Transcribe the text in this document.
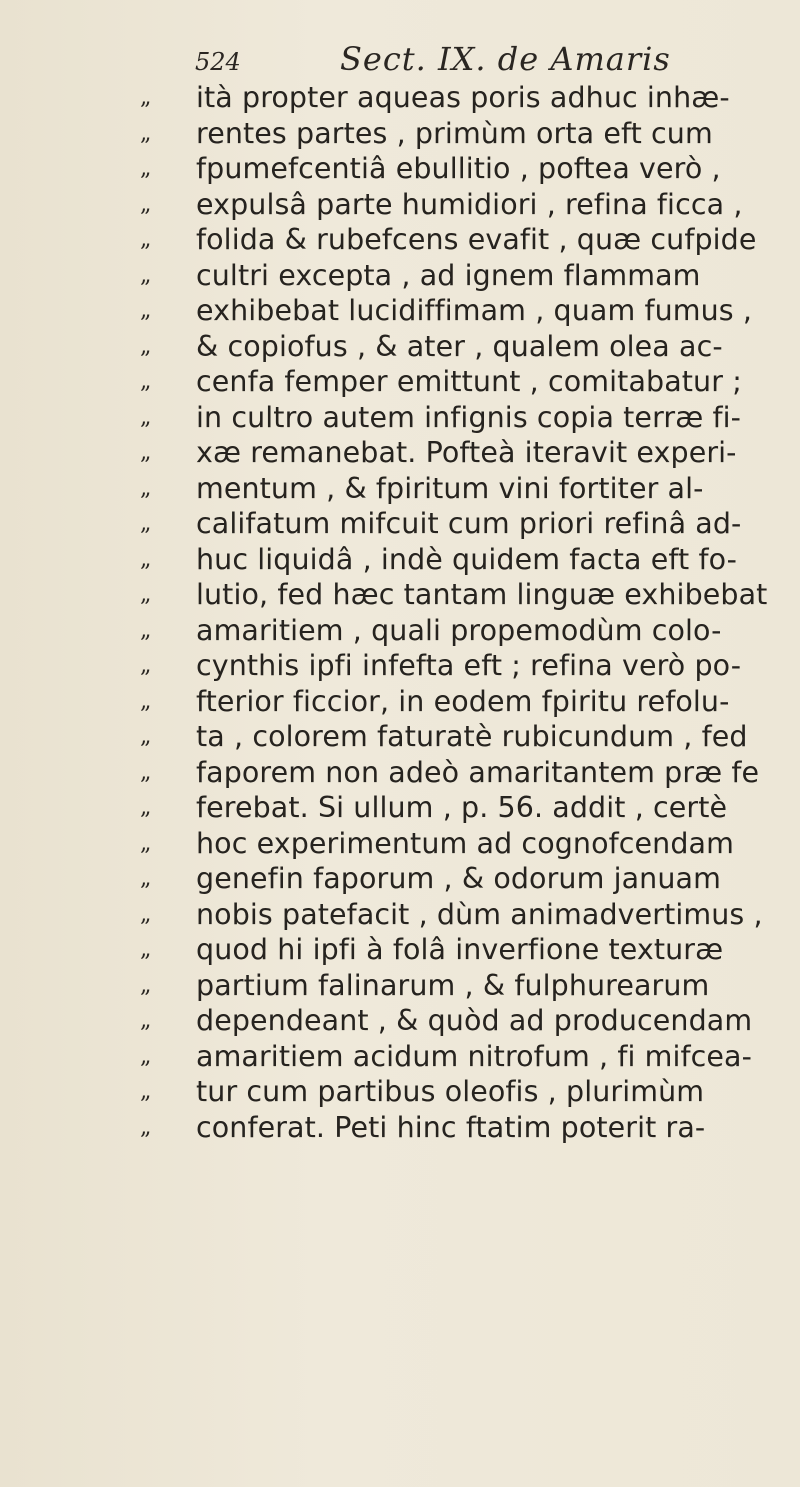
524	Sect. IX. de Amaris
„	ità propter aqueas poris adhuc inhæ-
„	rentes partes , primùm orta eft cum
„	fpumefcentiâ ebullitio , poftea verò ,
„	expulsâ parte humidiori , refina ficca ,
„	folida & rubefcens evafit , quæ cufpide
„	cultri excepta , ad ignem flammam
„	exhibebat lucidiffimam , quam fumus ,
„	& copiofus , & ater , qualem olea ac-
„	cenfa femper emittunt , comitabatur ;
„	in cultro autem infignis copia terræ fi-
„	xæ remanebat. Pofteà iteravit experi-
„	mentum , & fpiritum vini fortiter al-
„	califatum mifcuit cum priori refinâ ad-
„	huc liquidâ , indè quidem facta eft fo-
„	lutio, fed hæc tantam linguæ exhibebat
„	amaritiem , quali propemodùm colo-
„	cynthis ipfi infefta eft ; refina verò po-
„	fterior ficcior, in eodem fpiritu refolu-
„	ta , colorem faturatè rubicundum , fed
„	faporem non adeò amaritantem præ fe
„	ferebat. Si ullum , p. 56. addit , certè
„	hoc experimentum ad cognofcendam
„	genefin faporum , & odorum januam
„	nobis patefacit , dùm animadvertimus ,
„	quod hi ipfi à folâ inverfione texturæ
„	partium falinarum , & fulphurearum
„	dependeant , & quòd ad producendam
„	amaritiem acidum nitrofum , fi mifcea-
„	tur cum partibus oleofis , plurimùm
„	conferat. Peti hinc ftatim poterit ra-
